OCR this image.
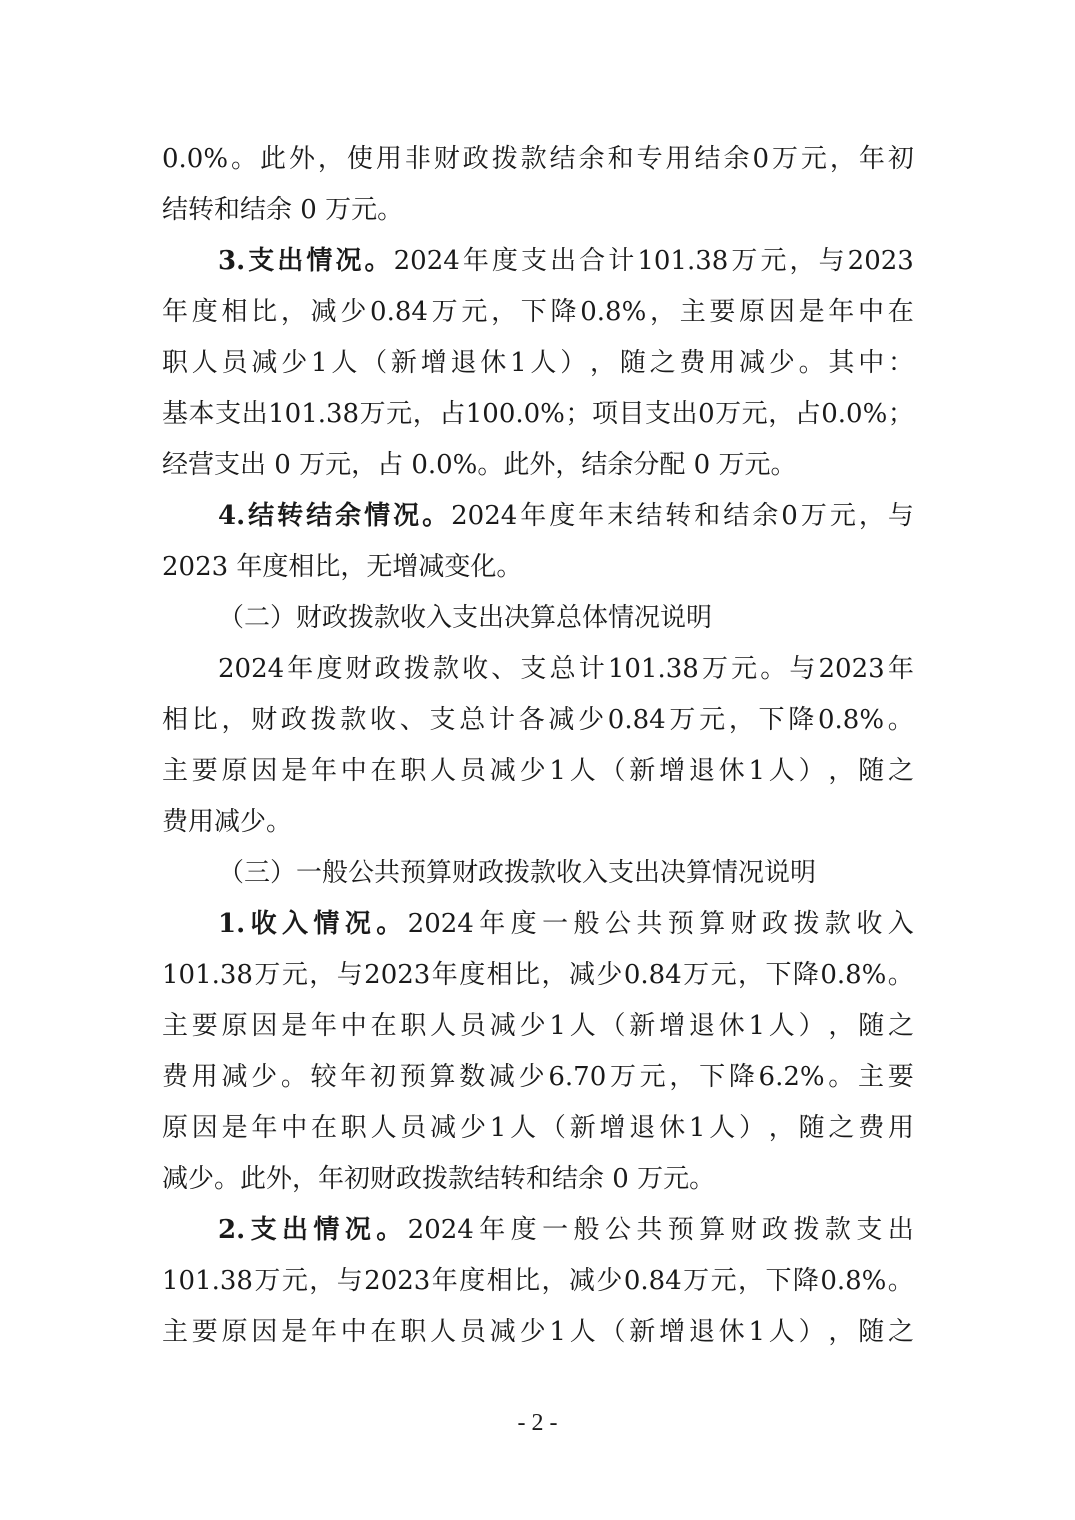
0.0% 。 此 外 ， 使 用 非 财 政 拨 款 结 余 和 专 用 结 余 0 万 元 ， 年 初
结转和结余 0 万元。
3. 支 出 情 况 。 2024 年 度 支 出 合 计 101.38 万 元 ， 与 2023
年 度 相 比 ， 减 少 0.84 万 元 ， 下 降 0.8% ， 主 要 原 因 是 年 中 在
职 人 员 减 少 1 人 （ 新 增 退 休 1 人 ） ， 随 之 费 用 减 少 。 其 中 ：
基 本 支 出 101.38 万 元 ， 占 100.0% ； 项 目 支 出 0 万 元 ， 占 0.0% ；
经营支出 0 万元，占 0.0%。此外，结余分配 0 万元。
4. 结 转 结 余 情 况 。 2024 年 度 年 末 结 转 和 结 余 0 万 元 ， 与
2023 年度相比，无增减变化。
（二）财政拨款收入支出决算总体情况说明
2024 年 度 财 政 拨 款 收 、 支 总 计 101.38 万 元 。 与 2023 年
相 比 ， 财 政 拨 款 收 、 支 总 计 各 减 少 0.84 万 元 ， 下 降 0.8% 。
主 要 原 因 是 年 中 在 职 人 员 减 少 1 人 （ 新 增 退 休 1 人 ） ， 随 之
费用减少。
（三）一般公共预算财政拨款收入支出决算情况说明
1. 收 入 情 况 。 2024 年 度 一 般 公 共 预 算 财 政 拨 款 收 入
101.38 万 元 ， 与 2023 年 度 相 比 ， 减 少 0.84 万 元 ， 下 降 0.8% 。
主 要 原 因 是 年 中 在 职 人 员 减 少 1 人 （ 新 增 退 休 1 人 ） ， 随 之
费 用 减 少 。 较 年 初 预 算 数 减 少 6.70 万 元 ， 下 降 6.2% 。 主 要
原 因 是 年 中 在 职 人 员 减 少 1 人 （ 新 增 退 休 1 人 ） ， 随 之 费 用
减少。此外，年初财政拨款结转和结余 0 万元。
2. 支 出 情 况 。 2024 年 度 一 般 公 共 预 算 财 政 拨 款 支 出
101.38 万 元 ， 与 2023 年 度 相 比 ， 减 少 0.84 万 元 ， 下 降 0.8% 。
主 要 原 因 是 年 中 在 职 人 员 减 少 1 人 （ 新 增 退 休 1 人 ） ， 随 之
- 2 -
